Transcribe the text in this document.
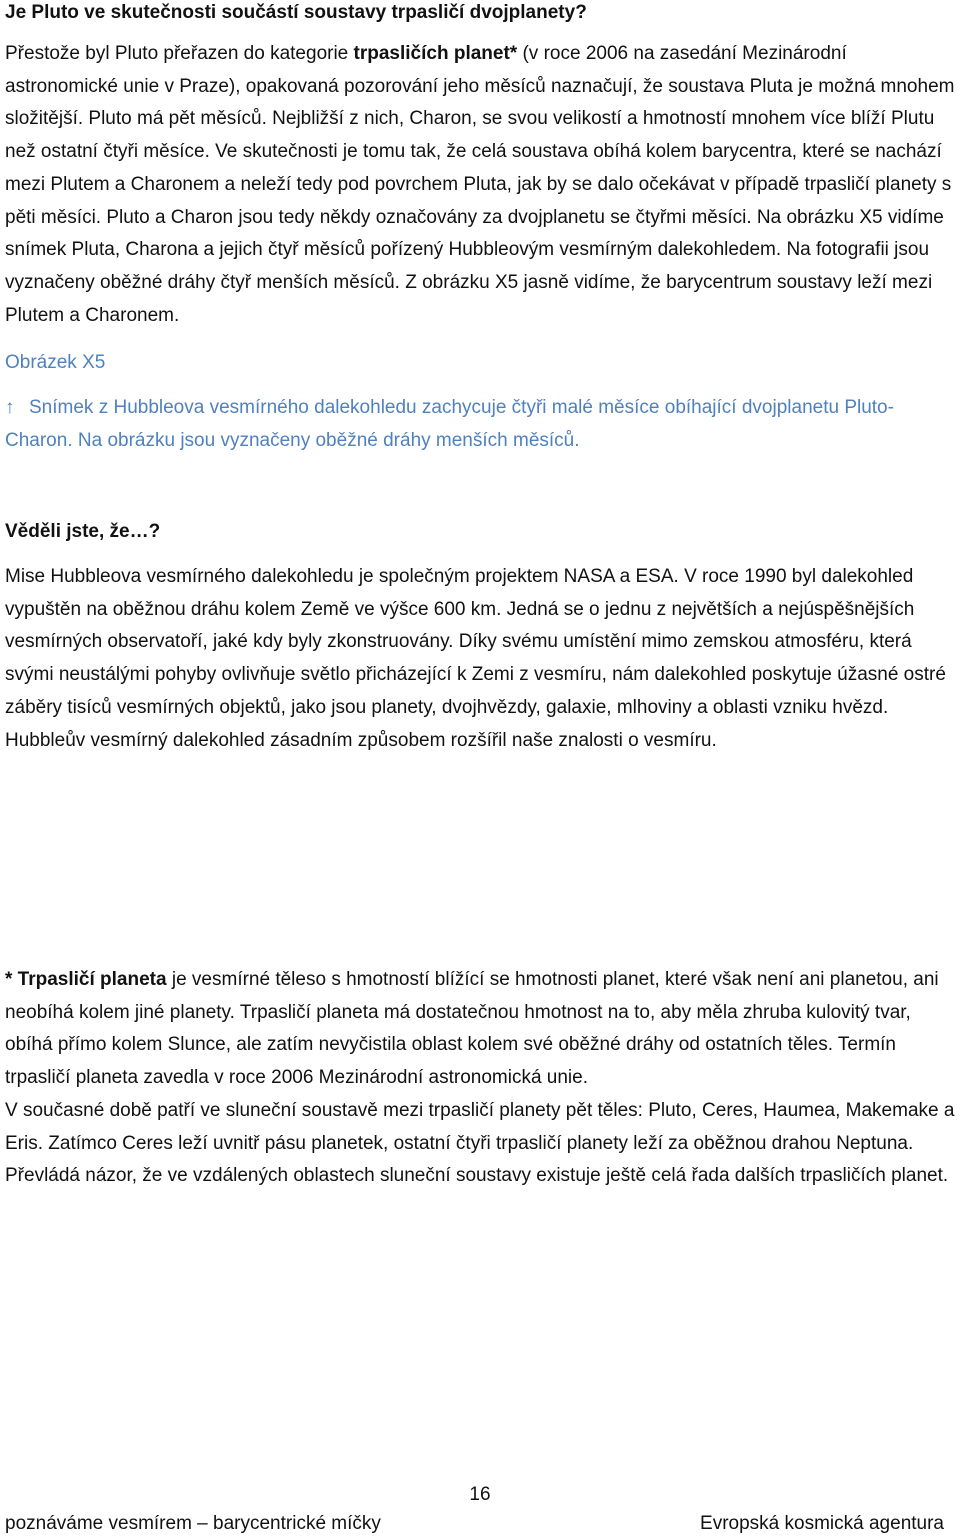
Je Pluto ve skutečnosti součástí soustavy trpasličí dvojplanety?

Přestože byl Pluto přeřazen do kategorie trpasličích planet* (v roce 2006 na zasedání Mezinárodní astronomické unie v Praze), opakovaná pozorování jeho měsíců naznačují, že soustava Pluta je možná mnohem složitější. Pluto má pět měsíců. Nejbližší z nich, Charon, se svou velikostí a hmotností mnohem více blíží Plutu než ostatní čtyři měsíce. Ve skutečnosti je tomu tak, že celá soustava obíhá kolem barycentra, které se nachází mezi Plutem a Charonem a neleží tedy pod povrchem Pluta, jak by se dalo očekávat v případě trpasličí planety s pěti měsíci. Pluto a Charon jsou tedy někdy označovány za dvojplanetu se čtyřmi měsíci. Na obrázku X5 vidíme snímek Pluta, Charona a jejich čtyř měsíců pořízený Hubbleovým vesmírným dalekohledem. Na fotografii jsou vyznačeny oběžné dráhy čtyř menších měsíců. Z obrázku X5 jasně vidíme, že barycentrum soustavy leží mezi Plutem a Charonem.

Obrázek X5

↑ Snímek z Hubbleova vesmírného dalekohledu zachycuje čtyři malé měsíce obíhající dvojplanetu Pluto-Charon. Na obrázku jsou vyznačeny oběžné dráhy menších měsíců.

Věděli jste, že…?

Mise Hubbleova vesmírného dalekohledu je společným projektem NASA a ESA. V roce 1990 byl dalekohled vypuštěn na oběžnou dráhu kolem Země ve výšce 600 km. Jedná se o jednu z největších a nejúspěšnějších vesmírných observatoří, jaké kdy byly zkonstruovány. Díky svému umístění mimo zemskou atmosféru, která svými neustálými pohyby ovlivňuje světlo přicházející k Zemi z vesmíru, nám dalekohled poskytuje úžasné ostré záběry tisíců vesmírných objektů, jako jsou planety, dvojhvězdy, galaxie, mlhoviny a oblasti vzniku hvězd. Hubbleův vesmírný dalekohled zásadním způsobem rozšířil naše znalosti o vesmíru.

* Trpasličí planeta je vesmírné těleso s hmotností blížící se hmotnosti planet, které však není ani planetou, ani neobíhá kolem jiné planety. Trpasličí planeta má dostatečnou hmotnost na to, aby měla zhruba kulovitý tvar, obíhá přímo kolem Slunce, ale zatím nevyčistila oblast kolem své oběžné dráhy od ostatních těles. Termín trpasličí planeta zavedla v roce 2006 Mezinárodní astronomická unie.
V současné době patří ve sluneční soustavě mezi trpasličí planety pět těles: Pluto, Ceres, Haumea, Makemake a Eris. Zatímco Ceres leží uvnitř pásu planetek, ostatní čtyři trpasličí planety leží za oběžnou drahou Neptuna. Převládá názor, že ve vzdálených oblastech sluneční soustavy existuje ještě celá řada dalších trpasličích planet.

16
poznáváme vesmírem – barycentrické míčky	Evropská kosmická agentura
